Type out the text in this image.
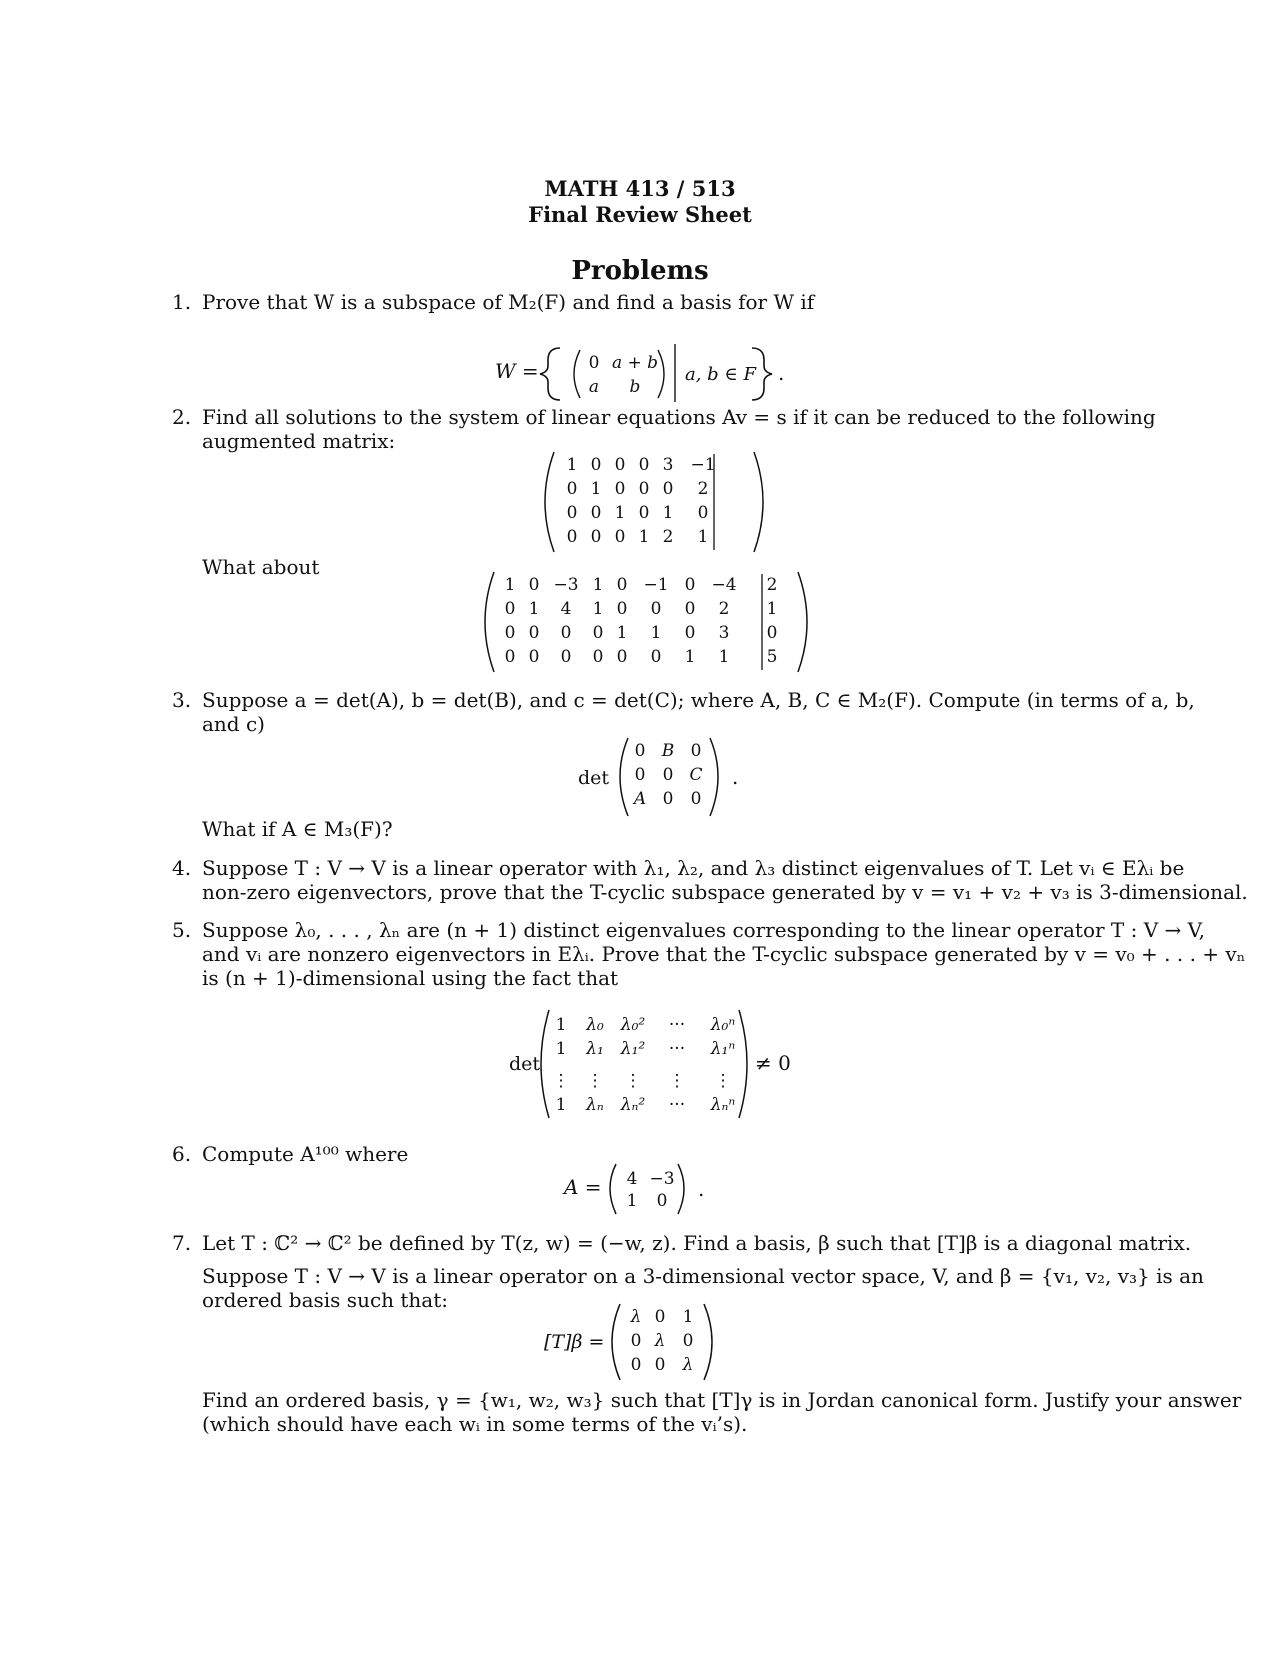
MATH 413 / 513
Final Review Sheet
Problems
1. Prove that W is a subspace of M₂(F) and find a basis for W if
W =	0 a + b
a b
a, b ∈ F .
2. Find all solutions to the system of linear equations Av = s if it can be reduced to the following
augmented matrix:
1 0 0 0 3 −1
0 1 0 0 0 2
0 0 1 0 1 0
0 0 0 1 2 1
What about
1 0 −3 1 0 −1 0 −4 2
0 1 4 1 0 0 0 2 1
0 0 0 0 1 1 0 3 0
0 0 0 0 0 0 1 1 5
3. Suppose a = det(A), b = det(B), and c = det(C); where A, B, C ∈ M₂(F). Compute (in terms of a, b,
and c)
det	.
0 B 0
0 0 C
A 0 0
What if A ∈ M₃(F)?
4. Suppose T : V → V is a linear operator with λ₁, λ₂, and λ₃ distinct eigenvalues of T. Let vᵢ ∈ Eλᵢ be
non-zero eigenvectors, prove that the T-cyclic subspace generated by v = v₁ + v₂ + v₃ is 3-dimensional.
5. Suppose λ₀, . . . , λₙ are (n + 1) distinct eigenvalues corresponding to the linear operator T : V → V,
and vᵢ are nonzero eigenvectors in Eλᵢ. Prove that the T-cyclic subspace generated by v = v₀ + . . . + vₙ
is (n + 1)-dimensional using the fact that
det	≠ 0
1 λ₀ λ₀² ··· λ₀ⁿ
1 λ₁ λ₁² ··· λ₁ⁿ
⋮ ⋮ ⋮ ⋮ ⋮
1 λₙ λₙ² ··· λₙⁿ
6. Compute A¹⁰⁰ where
A =	.
4 −3
1 0
7. Let T : ℂ² → ℂ² be defined by T(z, w) = (−w, z). Find a basis, β such that [T]β is a diagonal matrix.
Suppose T : V → V is a linear operator on a 3-dimensional vector space, V, and β = {v₁, v₂, v₃} is an
ordered basis such that:
[T]β =
λ 0 1
0 λ 0
0 0 λ
Find an ordered basis, γ = {w₁, w₂, w₃} such that [T]γ is in Jordan canonical form. Justify your answer
(which should have each wᵢ in some terms of the vᵢ’s).
